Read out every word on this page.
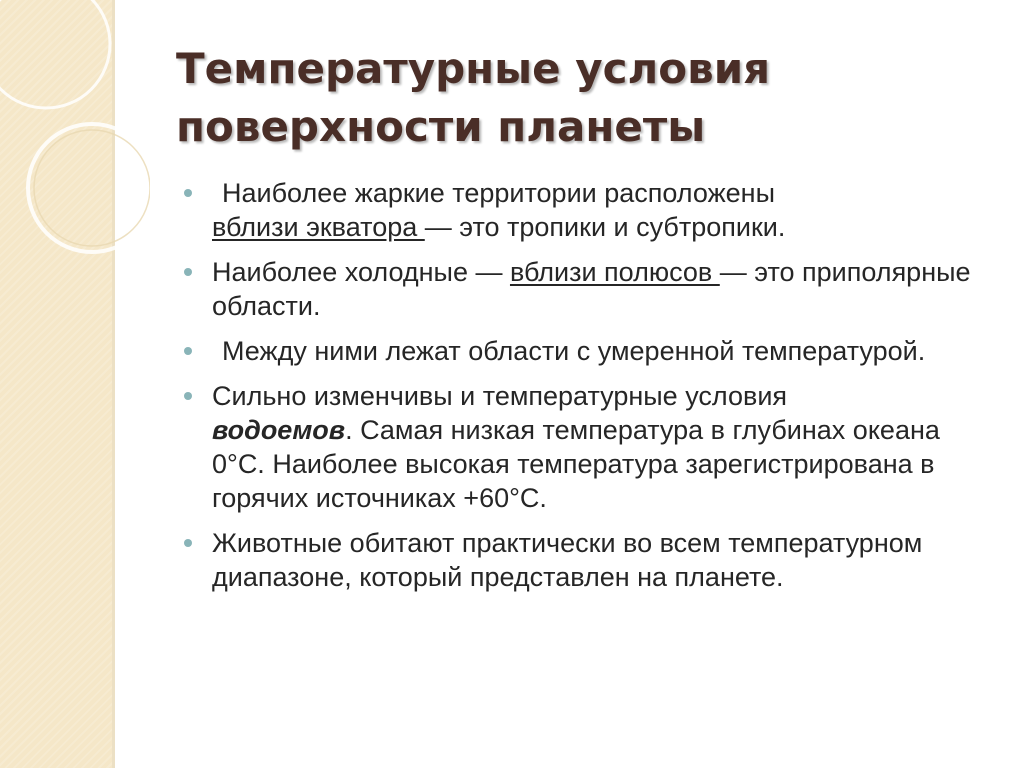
Температурные условия
поверхности планеты
Наиболее жаркие территории расположены
вблизи экватора — это тропики и субтропики.
Наиболее холодные — вблизи полюсов — это приполярные области.
Между ними лежат области с умеренной температурой.
Сильно изменчивы и температурные условия
водоемов. Самая низкая температура в глубинах океана 0°С. Наиболее высокая температура зарегистрирована в горячих источниках +60°С.
Животные обитают практически во всем температурном диапазоне, который представлен на планете.
